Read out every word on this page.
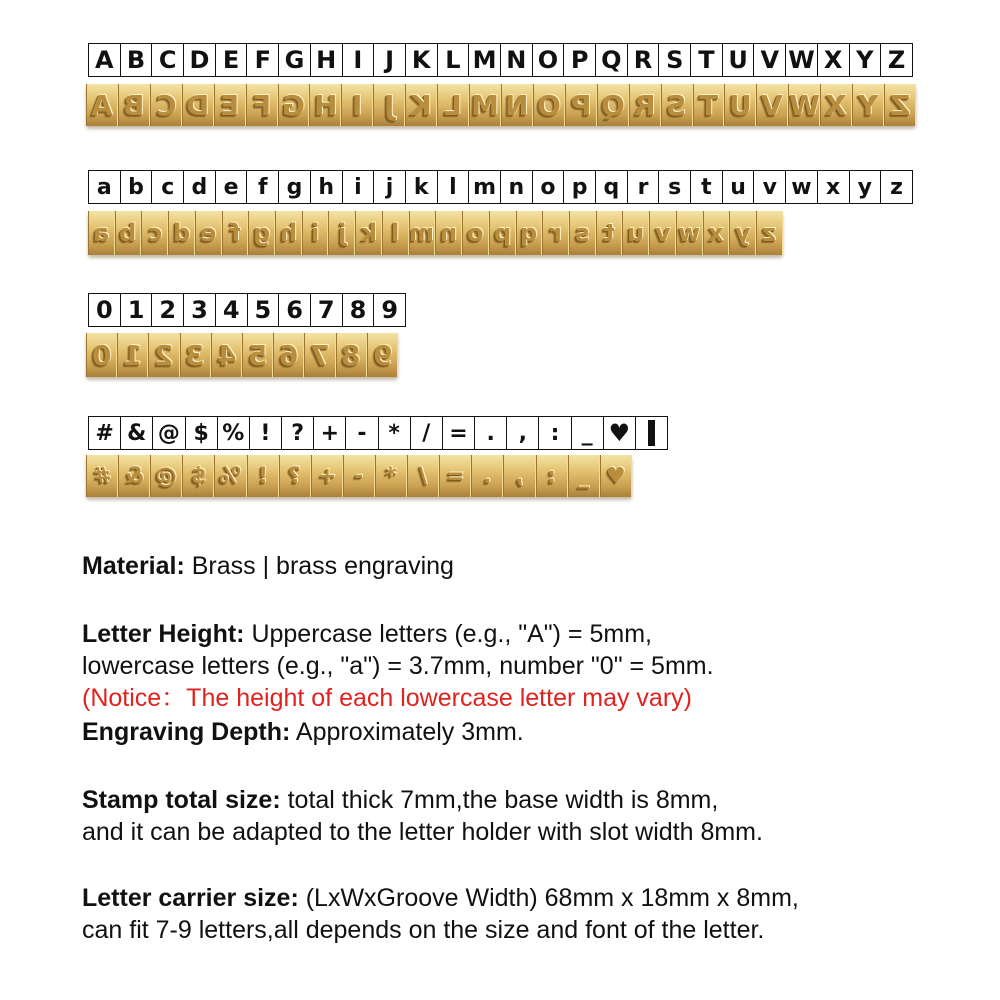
A B C D E F G H I J K L M N O P Q R S T U V W X Y Z
A B C D E F G H I J K L M N O P Q R S T U V W X Y Z
a b c d e f g h i	j k l m n o p q r s t u v w x y z
a b c d e f g h i j k l m n o p q r s t u v w x y z
0 1 2 3 4 5 6 7 8 9
0 1 2 3 4 5 6 7 8 9
# & @ $ % ! ? + - *	/ = .	,	:	_ ♥
# & @ $ % ! ? + - * / = . , : _ ♥

Material: Brass | brass engraving

Letter Height: Uppercase letters (e.g., "A") = 5mm,

lowercase letters (e.g., "a") = 3.7mm, number "0" = 5mm.

(Notice：The height of each lowercase letter may vary)

Engraving Depth: Approximately 3mm.

Stamp total size: total thick 7mm,the base width is 8mm,

and it can be adapted to the letter holder with slot width 8mm.

Letter carrier size: (LxWxGroove Width) 68mm x 18mm x 8mm,

can fit 7-9 letters,all depends on the size and font of the letter.
